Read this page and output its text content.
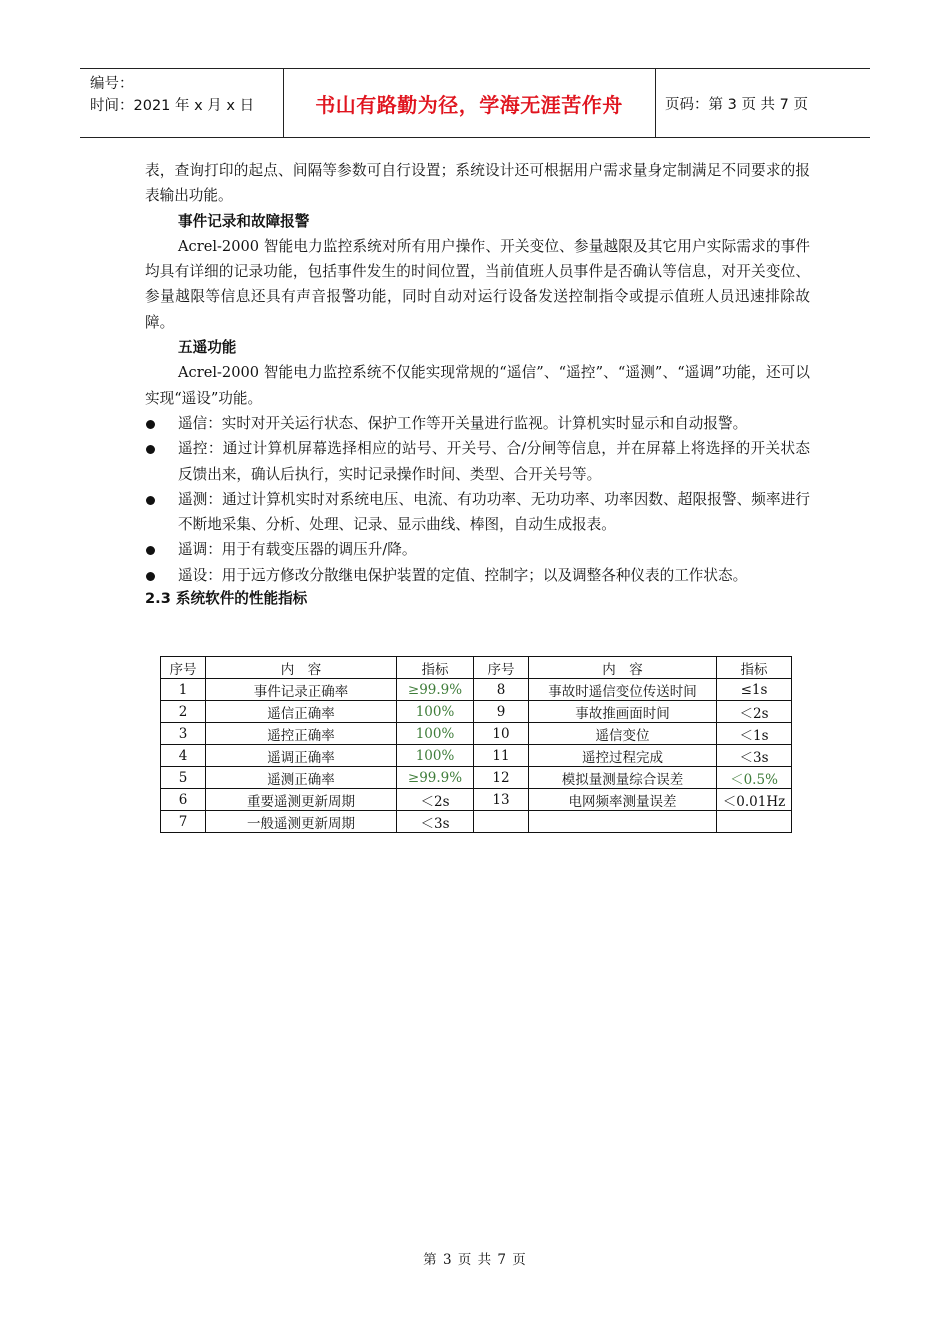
编号：
时间：2021 年 x 月 x 日	书山有路勤为径，学海无涯苦作舟	页码：第 3 页 共 7 页

表，查询打印的起点、间隔等参数可自行设置；系统设计还可根据用户需求量身定制满足不同要求的报表输出功能。

事件记录和故障报警

Acrel-2000 智能电力监控系统对所有用户操作、开关变位、参量越限及其它用户实际需求的事件均具有详细的记录功能，包括事件发生的时间位置，当前值班人员事件是否确认等信息，对开关变位、参量越限等信息还具有声音报警功能，同时自动对运行设备发送控制指令或提示值班人员迅速排除故障。

五遥功能

Acrel-2000 智能电力监控系统不仅能实现常规的“遥信”、“遥控”、“遥测”、“遥调”功能，还可以实现“遥设”功能。

遥信：实时对开关运行状态、保护工作等开关量进行监视。计算机实时显示和自动报警。

遥控：通过计算机屏幕选择相应的站号、开关号、合/分闸等信息，并在屏幕上将选择的开关状态反馈出来，确认后执行，实时记录操作时间、类型、合开关号等。

遥测：通过计算机实时对系统电压、电流、有功功率、无功功率、功率因数、超限报警、频率进行不断地采集、分析、处理、记录、显示曲线、棒图，自动生成报表。

遥调：用于有载变压器的调压升/降。

遥设：用于远方修改分散继电保护装置的定值、控制字；以及调整各种仪表的工作状态。

2.3 系统软件的性能指标

序号	内　容	指标	序号	内　容	指标
1	事件记录正确率	≥99.9%	8	事故时遥信变位传送时间	≤1s
2	遥信正确率	100%	9	事故推画面时间	＜2s
3	遥控正确率	100%	10	遥信变位	＜1s
4	遥调正确率	100%	11	遥控过程完成	＜3s
5	遥测正确率	≥99.9%	12	模拟量测量综合误差	＜0.5%
6	重要遥测更新周期	＜2s	13	电网频率测量误差	＜0.01Hz
7	一般遥测更新周期	＜3s			
第 3 页 共 7 页
